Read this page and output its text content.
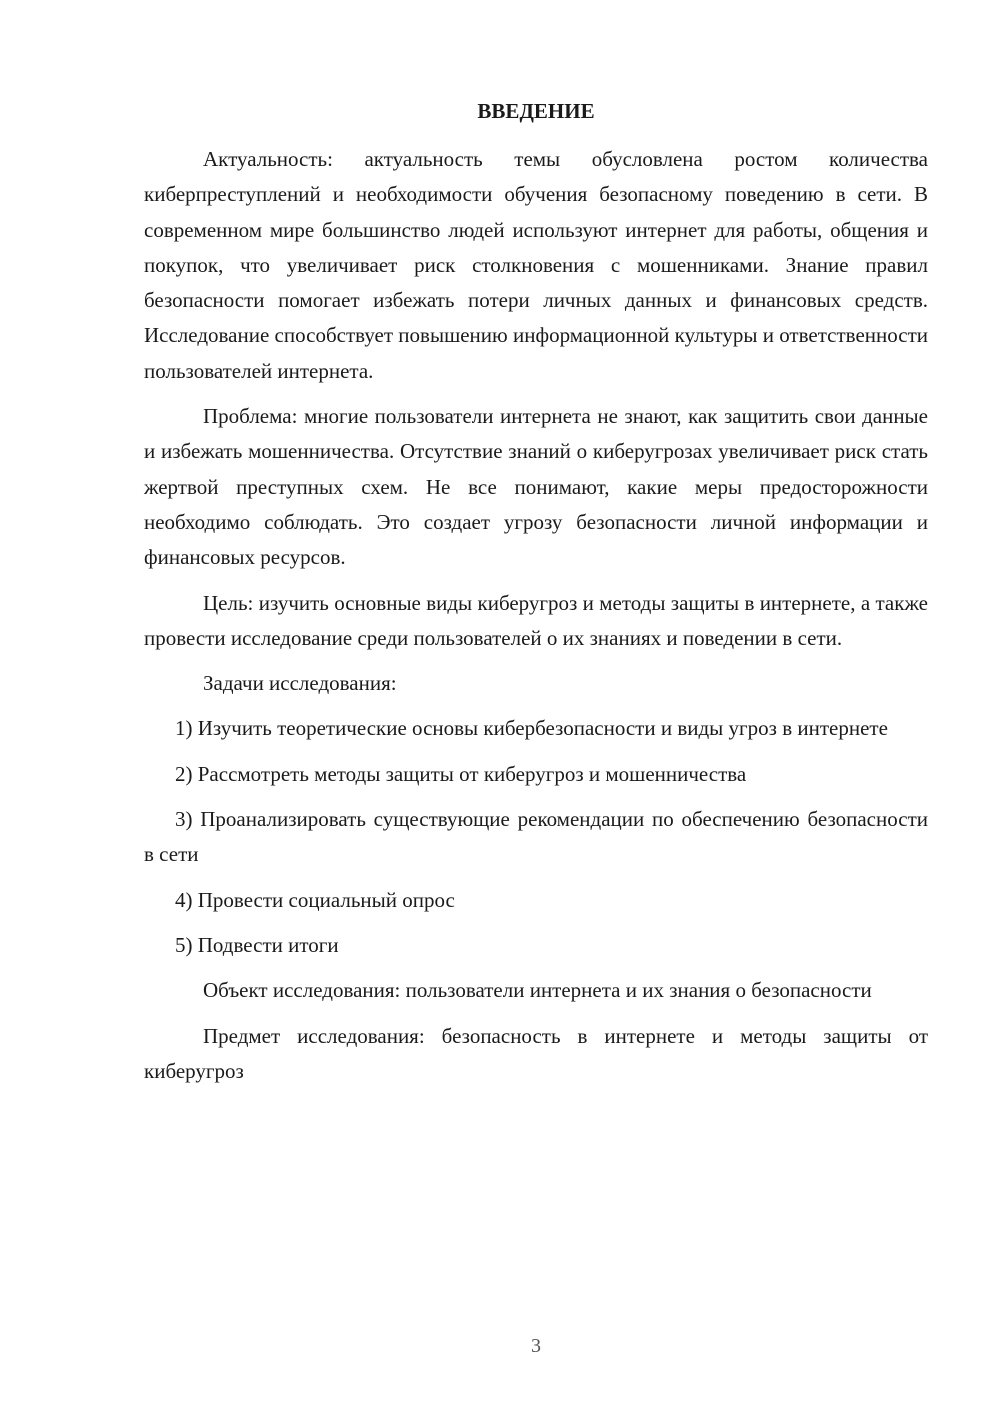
ВВЕДЕНИЕ

Актуальность: актуальность темы обусловлена ростом количества киберпреступлений и необходимости обучения безопасному поведению в сети. В современном мире большинство людей используют интернет для работы, общения и покупок, что увеличивает риск столкновения с мошенниками. Знание правил безопасности помогает избежать потери личных данных и финансовых средств. Исследование способствует повышению информационной культуры и ответственности пользователей интернета.

Проблема: многие пользователи интернета не знают, как защитить свои данные и избежать мошенничества. Отсутствие знаний о киберугрозах увеличивает риск стать жертвой преступных схем. Не все понимают, какие меры предосторожности необходимо соблюдать. Это создает угрозу безопасности личной информации и финансовых ресурсов.

Цель: изучить основные виды киберугроз и методы защиты в интернете, а также провести исследование среди пользователей о их знаниях и поведении в сети.

Задачи исследования:

1) Изучить теоретические основы кибербезопасности и виды угроз в интернете

2) Рассмотреть методы защиты от киберугроз и мошенничества

3) Проанализировать существующие рекомендации по обеспечению безопасности в сети

4) Провести социальный опрос

5) Подвести итоги

Объект исследования: пользователи интернета и их знания о безопасности

Предмет исследования: безопасность в интернете и методы защиты от киберугроз

3
